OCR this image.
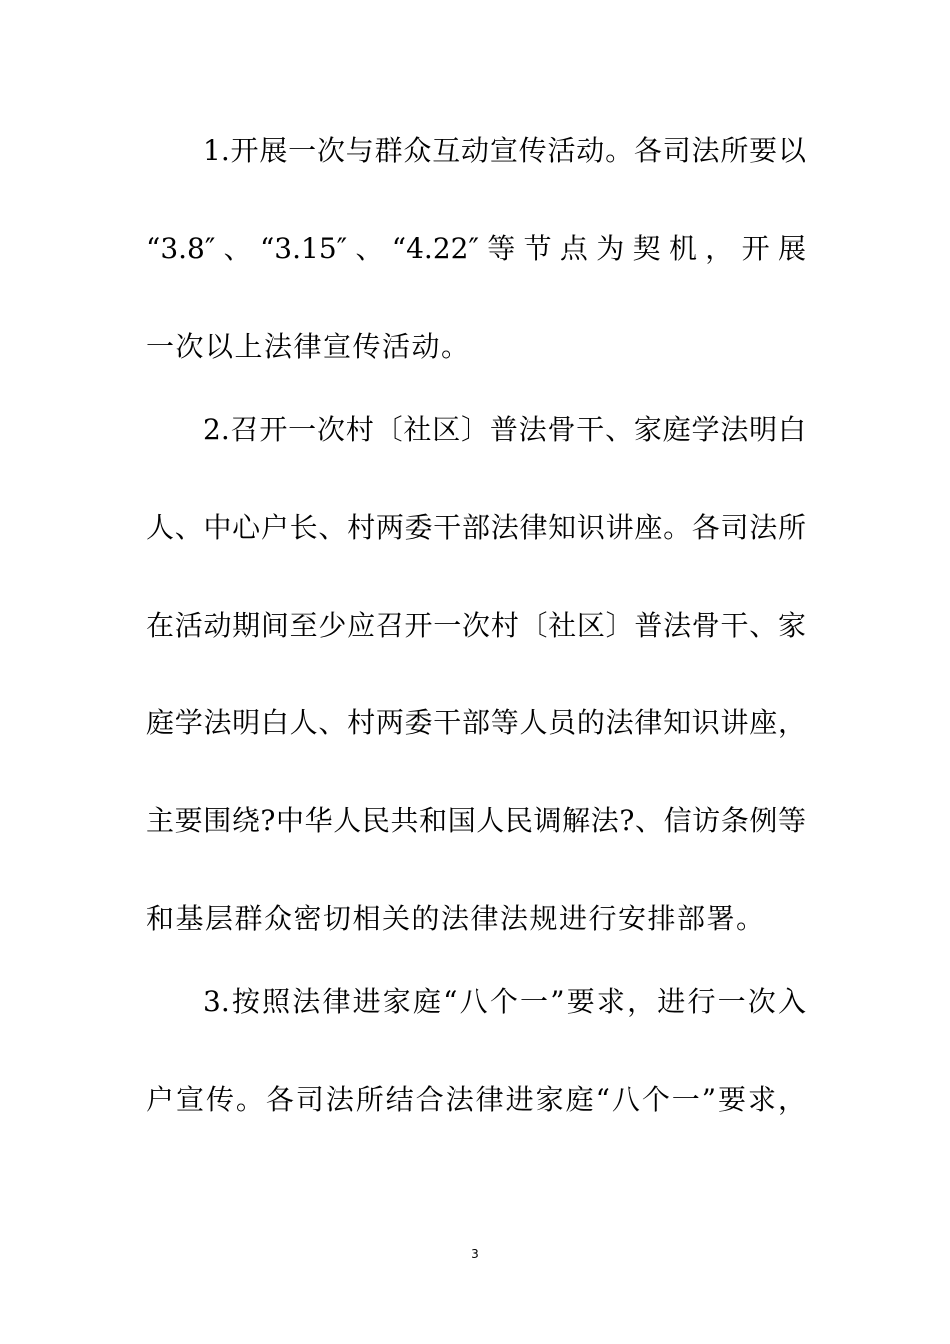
1.开展一次与群众互动宣传活动。各司法所要以
“3.8″、“3.15″、“4.22″等节点为契机，开展
一次以上法律宣传活动。
2.召开一次村〔社区〕普法骨干、家庭学法明白
人、中心户长、村两委干部法律知识讲座。各司法所
在活动期间至少应召开一次村〔社区〕普法骨干、家
庭学法明白人、村两委干部等人员的法律知识讲座，
主要围绕?中华人民共和国人民调解法?、信访条例等
和基层群众密切相关的法律法规进行安排部署。
3.按照法律进家庭“八个一”要求，进行一次入
户宣传。各司法所结合法律进家庭“八个一”要求，
3
